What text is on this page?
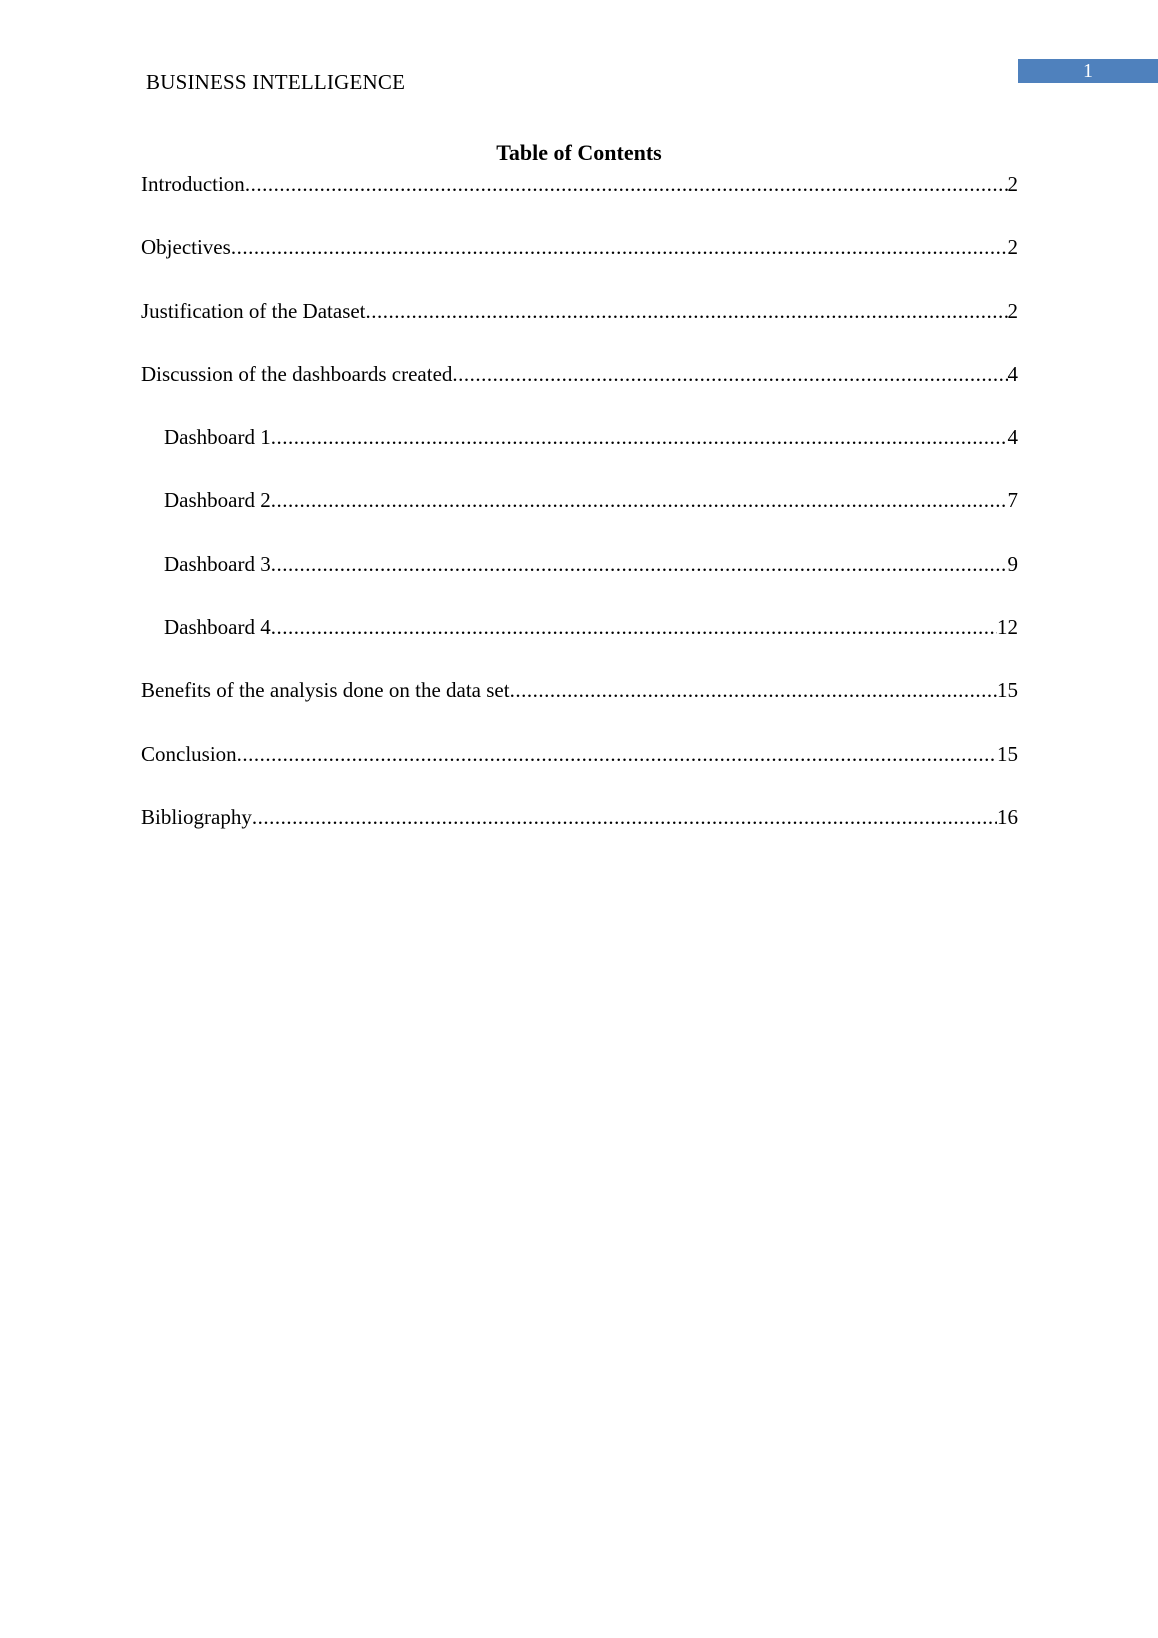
BUSINESS INTELLIGENCE	1
Table of Contents
Introduction .....	2
Objectives .....	2
Justification of the Dataset .....	2
Discussion of the dashboards created .....	4
Dashboard 1 .....	4
Dashboard 2 .....	7
Dashboard 3 .....	9
Dashboard 4 .....	12
Benefits of the analysis done on the data set .....	15
Conclusion .....	15
Bibliography .....	16
